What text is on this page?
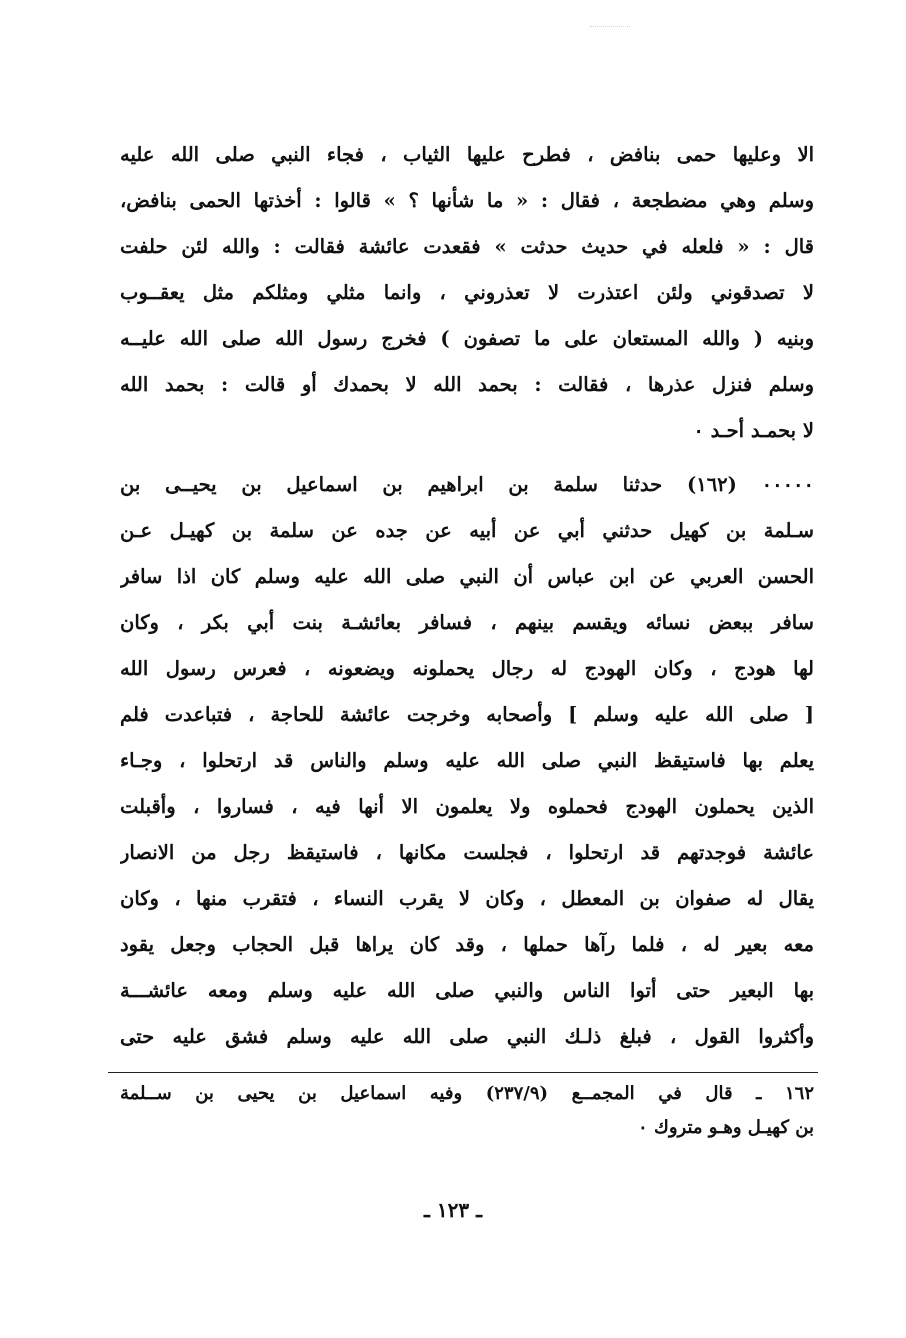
الا وعليها حمى بنافض ، فطرح عليها الثياب ، فجاء النبي صلى الله عليه
وسلم وهي مضطجعة ، فقال : « ما شأنها ؟ » قالوا : أخذتها الحمى بنافض،
قال : « فلعله في حديث حدثت » فقعدت عائشة فقالت : والله لئن حلفت
لا تصدقوني ولئن اعتذرت لا تعذروني ، وانما مثلي ومثلكم مثل يعقــوب
وبنيه ( والله المستعان على ما تصفون ) فخرج رسول الله صلى الله عليــه
وسلم فنزل عذرها ، فقالت : بحمد الله لا بحمدك أو قالت : بحمد الله
لا بحمـد أحـد ٠
٠٠٠٠٠ (١٦٢) حدثنا سلمة بن ابراهيم بن اسماعيل بن يحيــى بن
سـلمة بن كهيل حدثني أبي عن أبيه عن جده عن سلمة بن كهيـل عـن
الحسن العربي عن ابن عباس أن النبي صلى الله عليه وسلم كان اذا سافر
سافر ببعض نسائه ويقسم بينهم ، فسافر بعائشـة بنت أبي بكر ، وكان
لها هودج ، وكان الهودج له رجال يحملونه ويضعونه ، فعرس رسول الله
[ صلى الله عليه وسلم ] وأصحابه وخرجت عائشة للحاجة ، فتباعدت فلم
يعلم بها فاستيقظ النبي صلى الله عليه وسلم والناس قد ارتحلوا ، وجـاء
الذين يحملون الهودج فحملوه ولا يعلمون الا أنها فيه ، فساروا ، وأقبلت
عائشة فوجدتهم قد ارتحلوا ، فجلست مكانها ، فاستيقظ رجل من الانصار
يقال له صفوان بن المعطل ، وكان لا يقرب النساء ، فتقرب منها ، وكان
معه بعير له ، فلما رآها حملها ، وقد كان يراها قبل الحجاب وجعل يقود
بها البعير حتى أتوا الناس والنبي صلى الله عليه وسلم ومعه عائشـــة
وأكثروا القول ، فبلغ ذلـك النبي صلى الله عليه وسلم فشق عليه حتى
١٦٢ ـ قال في المجمــع (٢٣٧/٩) وفيه اسماعيل بن يحيى بن ســلمة
بن كهيـل وهـو متروك ٠
ـ ١٢٣ ـ
